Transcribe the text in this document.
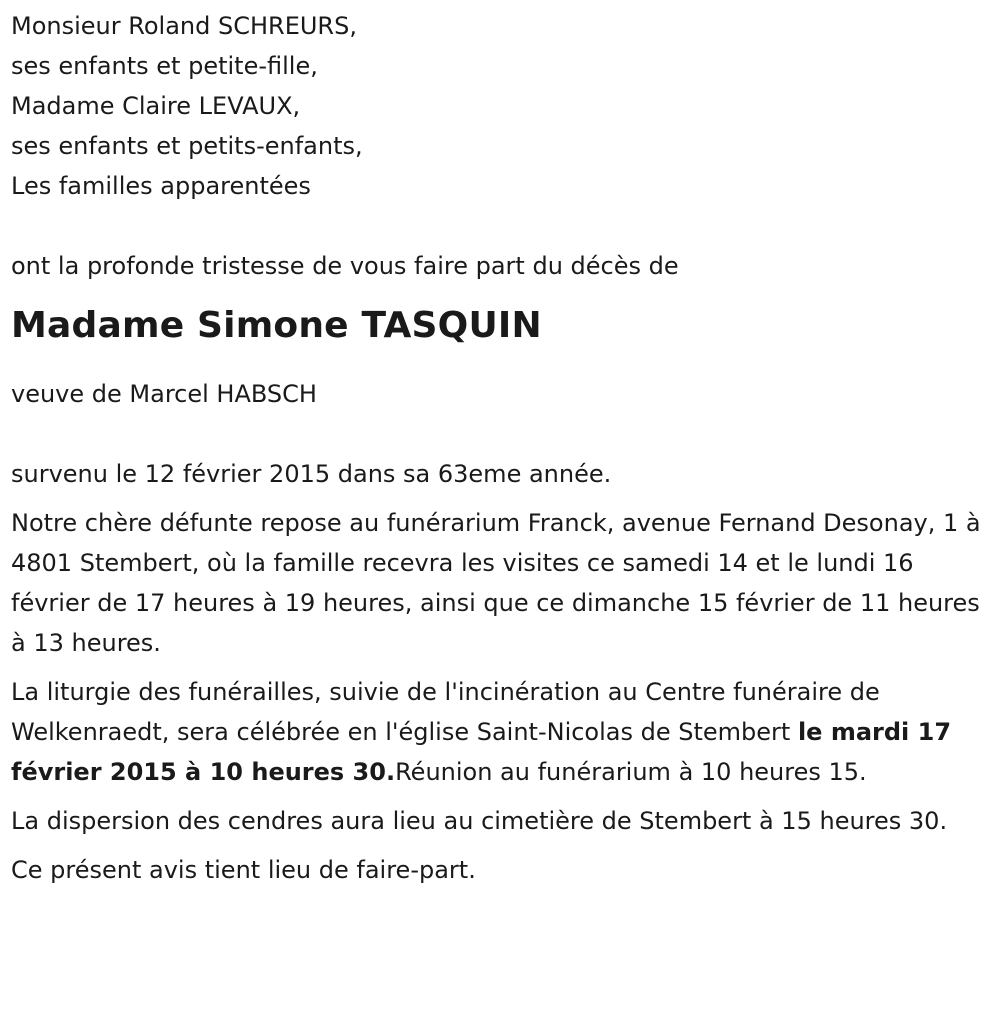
Monsieur Roland SCHREURS,
ses enfants et petite-fille,
Madame Claire LEVAUX,
ses enfants et petits-enfants,
Les familles apparentées
ont la profonde tristesse de vous faire part du décès de
Madame Simone TASQUIN
veuve de Marcel HABSCH

survenu le 12 février 2015 dans sa 63eme année.

Notre chère défunte repose au funérarium Franck, avenue Fernand Desonay, 1 à 4801 Stembert, où la famille recevra les visites ce samedi 14 et le lundi 16 février de 17 heures à 19 heures, ainsi que ce dimanche 15 février de 11 heures à 13 heures.

La liturgie des funérailles, suivie de l'incinération au Centre funéraire de Welkenraedt, sera célébrée en l'église Saint-Nicolas de Stembert le mardi 17 février 2015 à 10 heures 30.Réunion au funérarium à 10 heures 15.

La dispersion des cendres aura lieu au cimetière de Stembert à 15 heures 30.

Ce présent avis tient lieu de faire-part.
